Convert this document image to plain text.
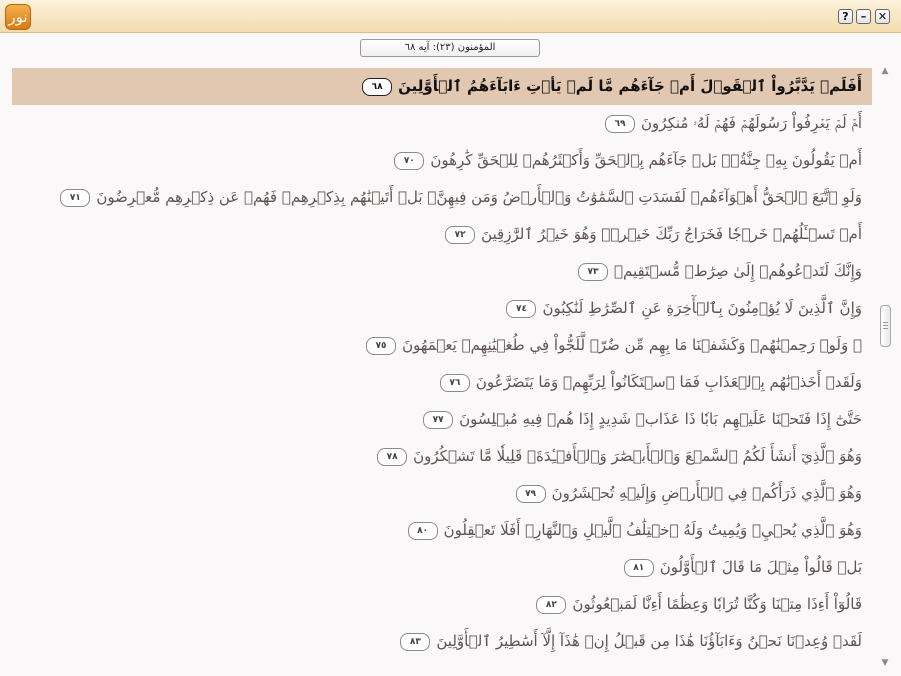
نور	?	–	✕
المؤمنون (٢٣): آيه ٦٨
أَفَلَمۡ يَدَّبَّرُواْ ٱلۡقَوۡلَ أَمۡ جَآءَهُم مَّا لَمۡ يَأۡتِ ءَابَآءَهُمُ ٱلۡأَوَّلِينَ٦٨
أَمۡ لَمۡ يَعۡرِفُواْ رَسُولَهُمۡ فَهُمۡ لَهُۥ مُنكِرُونَ٦٩
أَمۡ يَقُولُونَ بِهِۦ جِنَّةُۢۚ بَلۡ جَآءَهُم بِٱلۡحَقِّ وَأَكۡثَرُهُمۡ لِلۡحَقِّ كَٰرِهُونَ٧٠
وَلَوِ ٱتَّبَعَ ٱلۡحَقُّ أَهۡوَآءَهُمۡ لَفَسَدَتِ ٱلسَّمَٰوَٰتُ وَٱلۡأَرۡضُ وَمَن فِيهِنَّۚ بَلۡ أَتَيۡنَٰهُم بِذِكۡرِهِمۡ فَهُمۡ عَن ذِكۡرِهِم مُّعۡرِضُونَ٧١
أَمۡ تَسۡـَٔلُهُمۡ خَرۡجٗا فَخَرَاجُ رَبِّكَ خَيۡرٞۖ وَهُوَ خَيۡرُ ٱلرَّٰزِقِينَ٧٢
وَإِنَّكَ لَتَدۡعُوهُمۡ إِلَىٰ صِرَٰطٖ مُّسۡتَقِيمٖ٧٣
وَإِنَّ ٱلَّذِينَ لَا يُؤۡمِنُونَ بِٱلۡأٓخِرَةِ عَنِ ٱلصِّرَٰطِ لَنَٰكِبُونَ٧٤
۞ وَلَوۡ رَحِمۡنَٰهُمۡ وَكَشَفۡنَا مَا بِهِم مِّن ضُرّٖ لَّلَجُّواْ فِي طُغۡيَٰنِهِمۡ يَعۡمَهُونَ٧٥
وَلَقَدۡ أَخَذۡنَٰهُم بِٱلۡعَذَابِ فَمَا ٱسۡتَكَانُواْ لِرَبِّهِمۡ وَمَا يَتَضَرَّعُونَ٧٦
حَتَّىٰٓ إِذَا فَتَحۡنَا عَلَيۡهِم بَابٗا ذَا عَذَابٖ شَدِيدٍ إِذَا هُمۡ فِيهِ مُبۡلِسُونَ٧٧
وَهُوَ ٱلَّذِيٓ أَنشَأَ لَكُمُ ٱلسَّمۡعَ وَٱلۡأَبۡصَٰرَ وَٱلۡأَفۡـِٔدَةَۚ قَلِيلٗا مَّا تَشۡكُرُونَ٧٨
وَهُوَ ٱلَّذِي ذَرَأَكُمۡ فِي ٱلۡأَرۡضِ وَإِلَيۡهِ تُحۡشَرُونَ٧٩
وَهُوَ ٱلَّذِي يُحۡيِۦ وَيُمِيتُ وَلَهُ ٱخۡتِلَٰفُ ٱلَّيۡلِ وَٱلنَّهَارِۚ أَفَلَا تَعۡقِلُونَ٨٠
بَلۡ قَالُواْ مِثۡلَ مَا قَالَ ٱلۡأَوَّلُونَ٨١
قَالُوٓاْ أَءِذَا مِتۡنَا وَكُنَّا تُرَابٗا وَعِظَٰمًا أَءِنَّا لَمَبۡعُوثُونَ٨٢
لَقَدۡ وُعِدۡنَا نَحۡنُ وَءَابَآؤُنَا هَٰذَا مِن قَبۡلُ إِنۡ هَٰذَآ إِلَّآ أَسَٰطِيرُ ٱلۡأَوَّلِينَ٨٣
▲
▼
